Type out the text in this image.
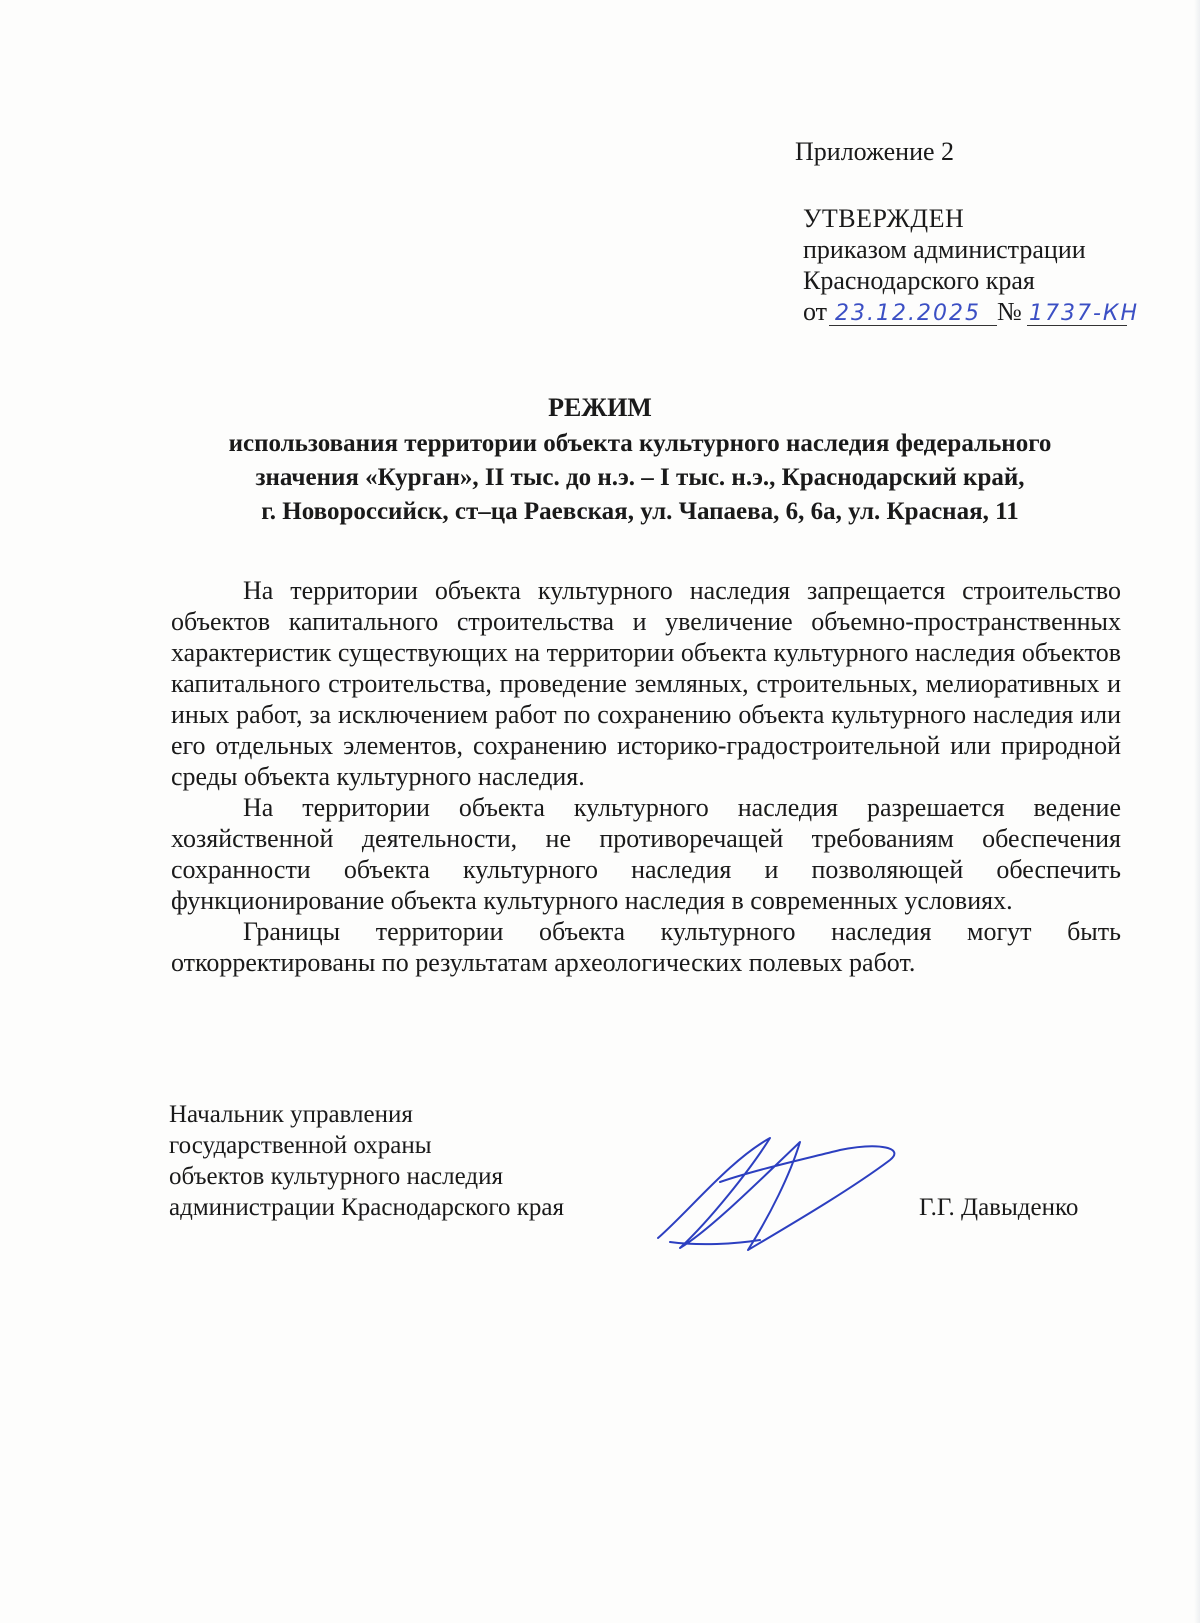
Приложение 2
УТВЕРЖДЕН
приказом администрации
Краснодарского края
от 23.12.2025 № 1737-КН
РЕЖИМ
использования территории объекта культурного наследия федерального
значения «Курган», II тыс. до н.э. – I тыс. н.э., Краснодарский край,
г. Новороссийск, ст–ца Раевская, ул. Чапаева, 6, 6а, ул. Красная, 11

На территории объекта культурного наследия запрещается строительство объектов капитального строительства и увеличение объемно-пространственных характеристик существующих на территории объекта культурного наследия объектов капитального строительства, проведение земляных, строительных, мелиоративных и иных работ, за исключением работ по сохранению объекта культурного наследия или его отдельных элементов, сохранению историко-градостроительной или природной среды объекта культурного наследия.

На территории объекта культурного наследия разрешается ведение хозяйственной деятельности, не противоречащей требованиям обеспечения сохранности объекта культурного наследия и позволяющей обеспечить функционирование объекта культурного наследия в современных условиях.

Границы территории объекта культурного наследия могут быть откорректированы по результатам археологических полевых работ.

Начальник управления
государственной охраны
объектов культурного наследия
администрации Краснодарского края	Г.Г. Давыденко
